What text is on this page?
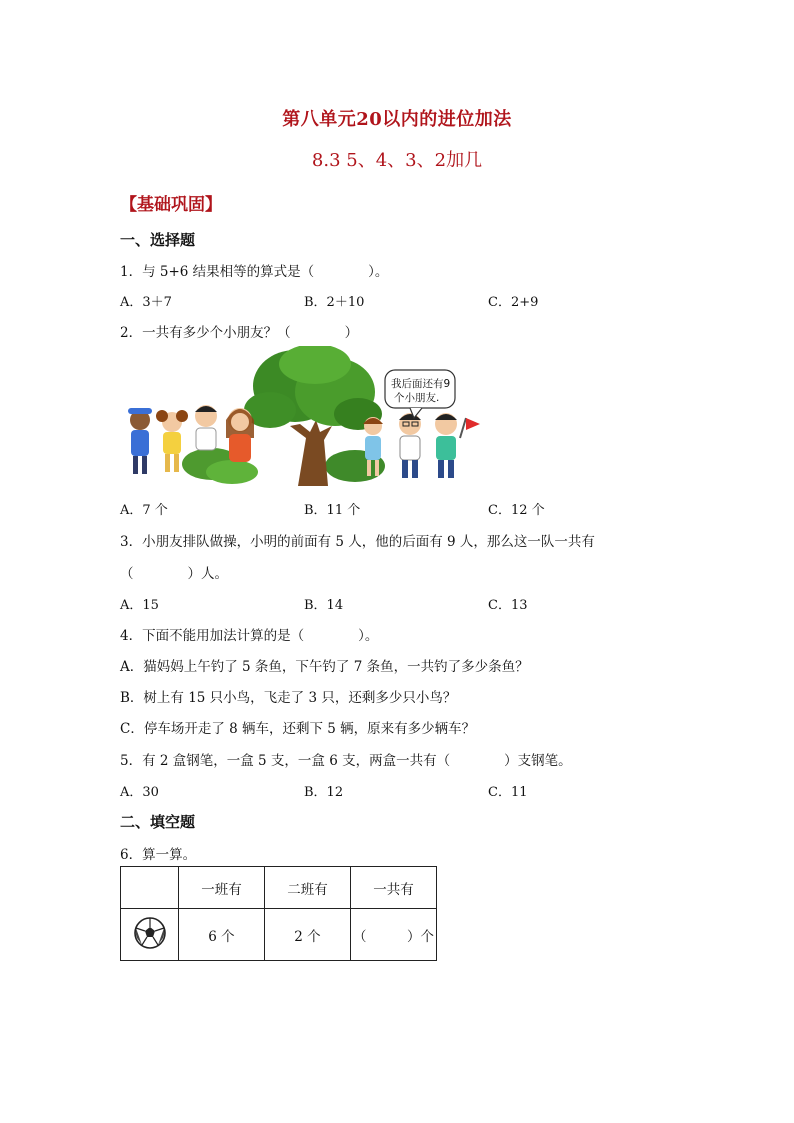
第八单元20以内的进位加法
8.3 5、4、3、2加几
【基础巩固】
一、选择题
1．与 5+6 结果相等的算式是（　　　　）。
A．3＋7	B．2＋10	C．2+9
2．一共有多少个小朋友？（　　　　）
我后面还有9
个小朋友.
A．7 个	B．11 个	C．12 个
3．小朋友排队做操，小明的前面有 5 人，他的后面有 9 人，那么这一队一共有
（　　　　）人。
A．15	B．14	C．13
4．下面不能用加法计算的是（　　　　）。
A．猫妈妈上午钓了 5 条鱼，下午钓了 7 条鱼，一共钓了多少条鱼？
B．树上有 15 只小鸟，飞走了 3 只，还剩多少只小鸟？
C．停车场开走了 8 辆车，还剩下 5 辆，原来有多少辆车？
5．有 2 盒钢笔，一盒 5 支，一盒 6 支，两盒一共有（　　　　）支钢笔。
A．30	B．12	C．11
二、填空题
6．算一算。
	一班有	二班有	一共有
	6 个	2 个	（　　　）个
